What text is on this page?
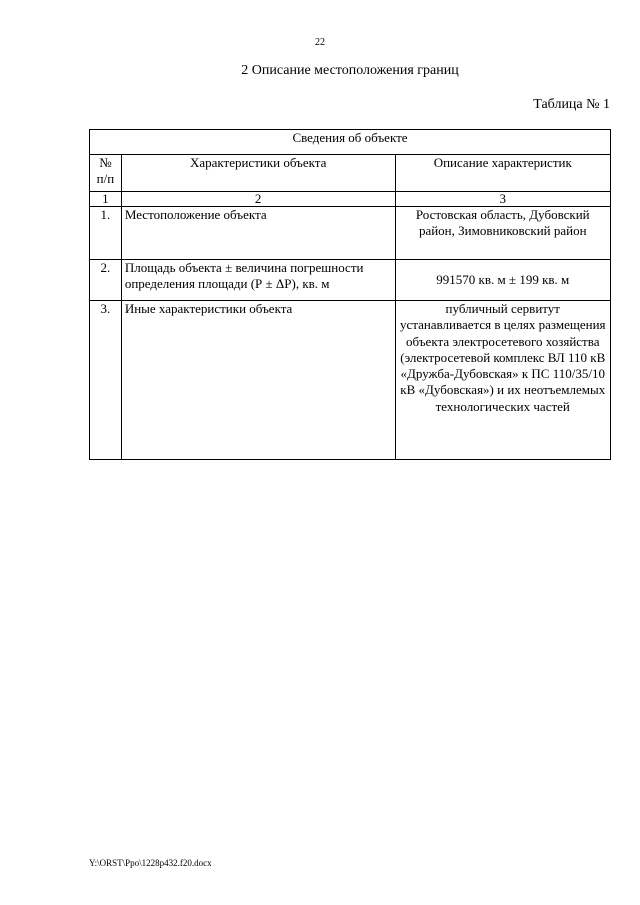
22
2 Описание местоположения границ
Таблица № 1
Сведения об объекте		
№ п/п	Характеристики объекта	Описание характеристик
1	2	3
1.	Местоположение объекта	Ростовская область, Дубовский район, Зимовниковский район
2.	Площадь объекта ± величина погрешности определения площади (Р ± ΔР), кв. м	991570 кв. м ± 199 кв. м
3.	Иные характеристики объекта	публичный сервитут устанавливается в целях размещения объекта электросетевого хозяйства (электросетевой комплекс ВЛ 110 кВ «Дружба-Дубовская» к ПС 110/35/10 кВ «Дубовская») и их неотъемлемых технологических частей
Y:\ORST\Ppo\1228p432.f20.docx
